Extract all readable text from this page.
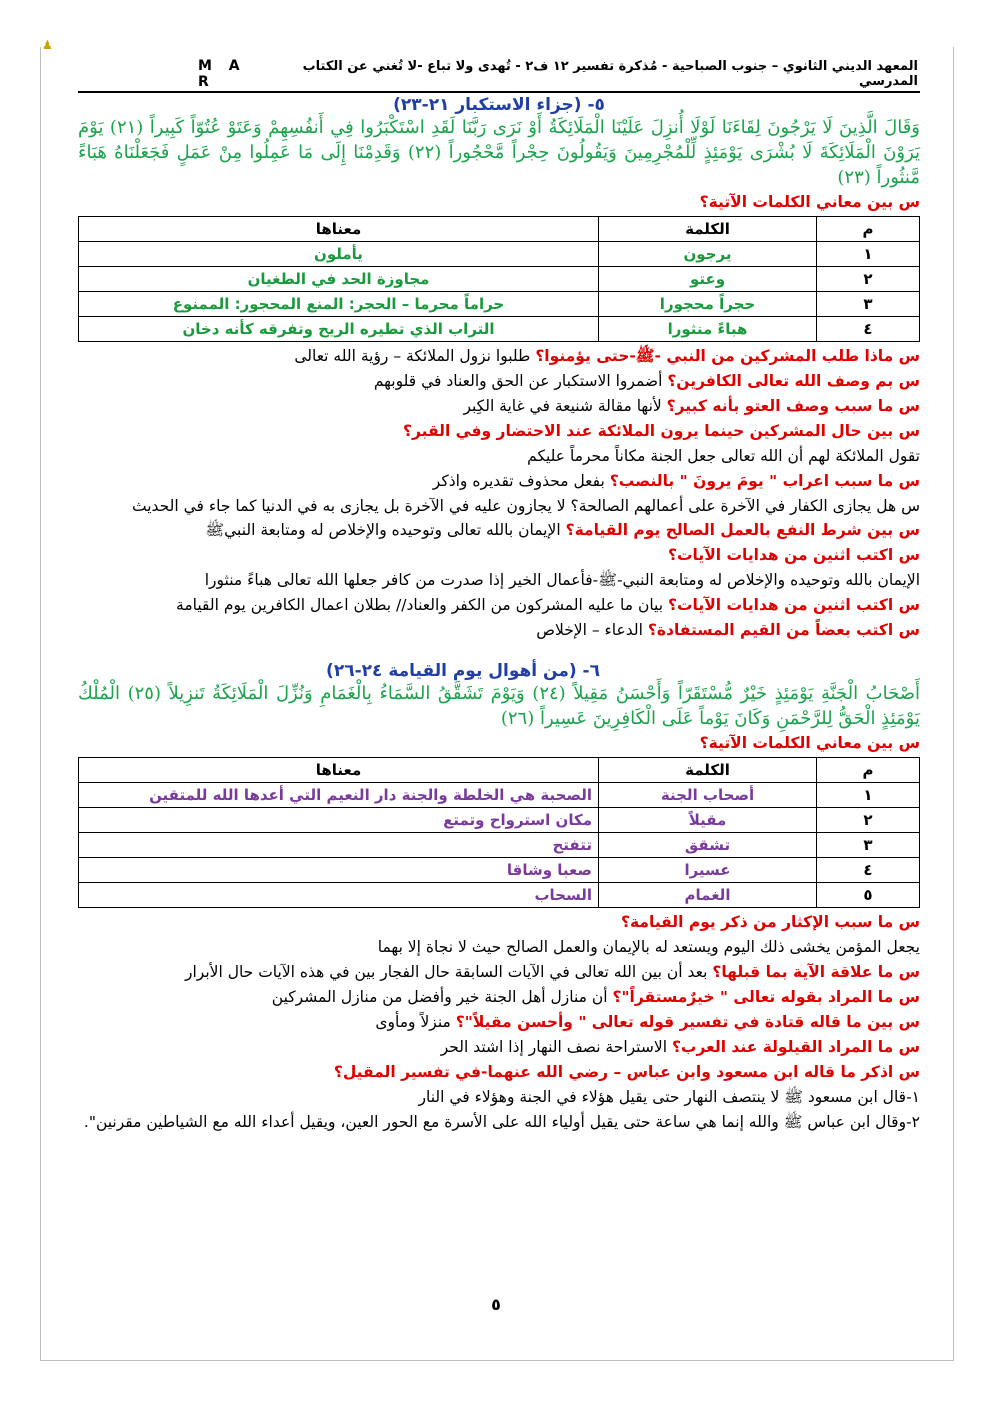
♟
المعهد الديني الثانوي – جنوب الصباحية - مُذكرة تفسير ١٢ ف٢ - تُهدى ولا تباع -لا تُغني عن الكتاب المدرسي
M A R
٥- (جزاء الاستكبار ٢١-٢٣)
وَقَالَ الَّذِينَ لَا يَرْجُونَ لِقَاءَنَا لَوْلَا أُنزِلَ عَلَيْنَا الْمَلَائِكَةُ أَوْ نَرَى رَبَّنَا لَقَدِ اسْتَكْبَرُوا فِي أَنفُسِهِمْ وَعَتَوْ عُتُوّاً كَبِيراً (٢١) يَوْمَ يَرَوْنَ الْمَلَائِكَةَ لَا بُشْرَى يَوْمَئِذٍ لِّلْمُجْرِمِينَ وَيَقُولُونَ حِجْراً مَّحْجُوراً (٢٢) وَقَدِمْنَا إِلَى مَا عَمِلُوا مِنْ عَمَلٍ فَجَعَلْنَاهُ هَبَاءً مَّنثُوراً (٢٣)

س بين معاني الكلمات الآتية؟

م	الكلمة	معناها
١	يرجون	يأملون
٢	وعتو	مجاوزة الحد في الطغيان
٣	حجراً محجورا	حراماً محرما – الحجر: المنع المحجور: الممنوع
٤	هباءً منثورا	التراب الذي تطيره الريح وتفرقه كأنه دخان

س ماذا طلب المشركين من النبي -ﷺ-حتى يؤمنوا؟ طلبوا نزول الملائكة – رؤية الله تعالى

س بم وصف الله تعالى الكافرين؟ أضمروا الاستكبار عن الحق والعناد في قلوبهم

س ما سبب وصف العتو بأنه كبير؟ لأنها مقالة شنيعة في غاية الكِبر

س بين حال المشركين حينما يرون الملائكة عند الاحتضار وفي القبر؟

تقول الملائكة لهم أن الله تعالى جعل الجنة مكاناً محرماً عليكم

س ما سبب اعراب " يومَ يرونَ " بالنصب؟ بفعل محذوف تقديره واذكر

س هل يجازى الكفار في الآخرة على أعمالهم الصالحة؟ لا يجازون عليه في الآخرة بل يجازى به في الدنيا كما جاء في الحديث

س بين شرط النفع بالعمل الصالح يوم القيامة؟ الإيمان بالله تعالى وتوحيده والإخلاص له ومتابعة النبيﷺ

س اكتب اثنين من هدايات الآيات؟

الإيمان بالله وتوحيده والإخلاص له ومتابعة النبي-ﷺ-فأعمال الخير إذا صدرت من كافر جعلها الله تعالى هباءً منثورا

س اكتب اثنين من هدايات الآيات؟ بيان ما عليه المشركون من الكفر والعناد// بطلان اعمال الكافرين يوم القيامة

س اكتب بعضاً من القيم المستفادة؟ الدعاء – الإخلاص

٦- (من أهوال يوم القيامة ٢٤-٢٦)
أَصْحَابُ الْجَنَّةِ يَوْمَئِذٍ خَيْرٌ مُّسْتَقَرّاً وَأَحْسَنُ مَقِيلاً (٢٤) وَيَوْمَ تَشَقَّقُ السَّمَاءُ بِالْغَمَامِ وَنُزِّلَ الْمَلَائِكَةُ تَنزِيلاً (٢٥) الْمُلْكُ يَوْمَئِذٍ الْحَقُّ لِلرَّحْمَنِ وَكَانَ يَوْماً عَلَى الْكَافِرِينَ عَسِيراً (٢٦)

س بين معاني الكلمات الآتية؟

م	الكلمة	معناها
١	أصحاب الجنة	الصحبة هي الخلطة والجنة دار النعيم التي أعدها الله للمتقين
٢	مقيلاً	مكان استرواح وتمتع
٣	تشقق	تتفتح
٤	عسيرا	صعبا وشاقا
٥	الغمام	السحاب

س ما سبب الإكثار من ذكر يوم القيامة؟

يجعل المؤمن يخشى ذلك اليوم ويستعد له بالإيمان والعمل الصالح حيث لا نجاة إلا بهما

س ما علاقة الآية بما قبلها؟ بعد أن بين الله تعالى في الآيات السابقة حال الفجار بين في هذه الآيات حال الأبرار

س ما المراد بقوله تعالى " خيرٌمستقراً"؟ أن منازل أهل الجنة خير وأفضل من منازل المشركين

س بين ما قاله قتادة في تفسير قوله تعالى " وأحسن مقيلاً"؟ منزلاً ومأوى

س ما المراد القيلولة عند العرب؟ الاستراحة نصف النهار إذا اشتد الحر

س اذكر ما قاله ابن مسعود وابن عباس – رضي الله عنهما-في تفسير المقيل؟

١-قال ابن مسعود ﷺ لا ينتصف النهار حتى يقيل هؤلاء في الجنة وهؤلاء في النار

٢-وقال ابن عباس ﷺ والله إنما هي ساعة حتى يقيل أولياء الله على الأسرة مع الحور العين، ويقيل أعداء الله مع الشياطين مقرنين".

٥
